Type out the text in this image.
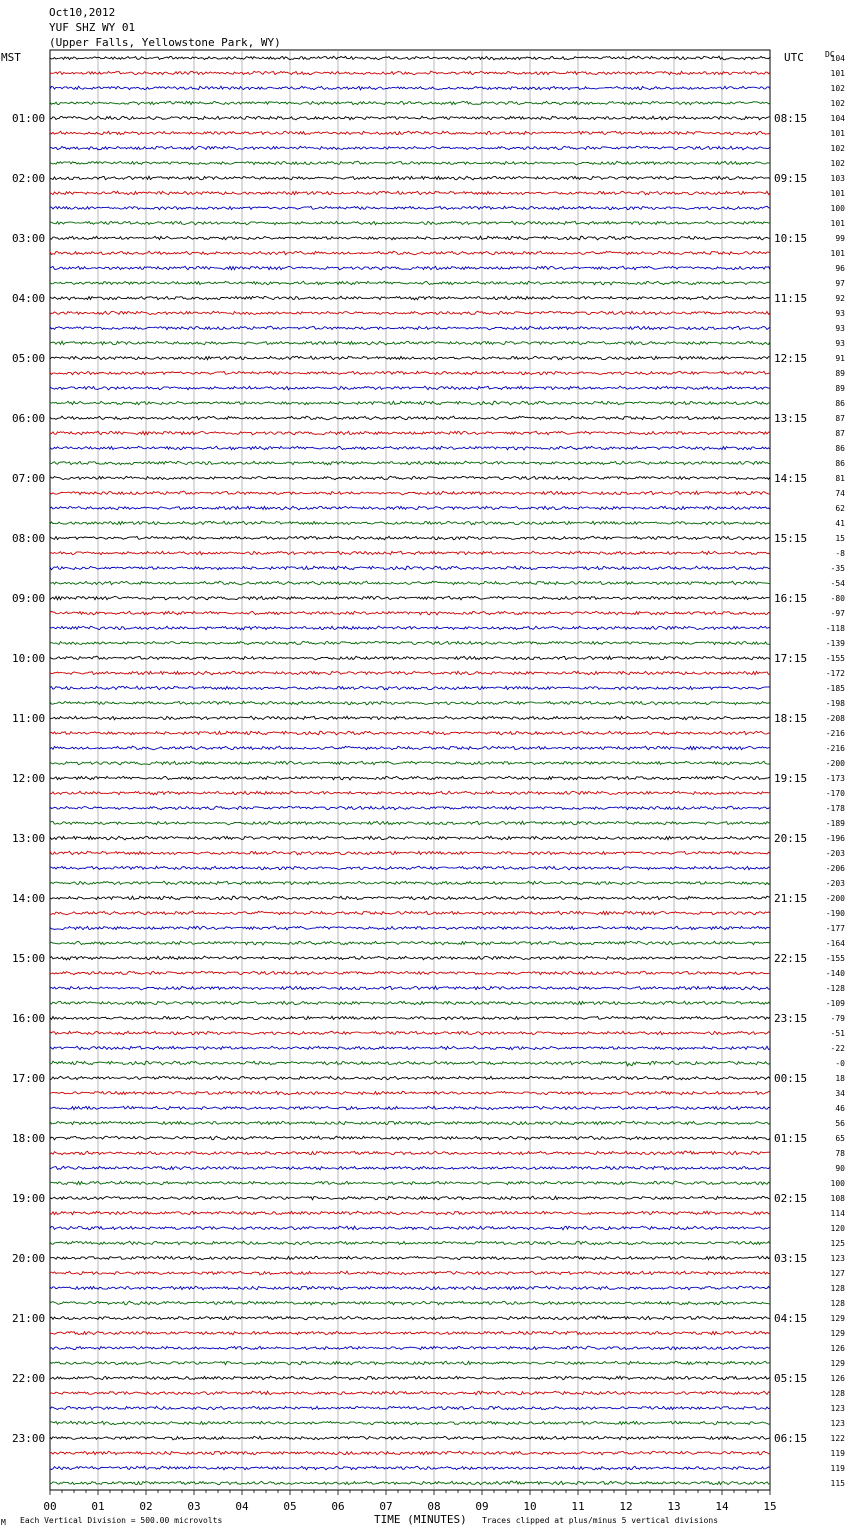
Oct10,2012
YUF SHZ WY 01
(Upper Falls, Yellowstone Park, WY)
MST	UTC	DC
01:00
02:00
03:00
04:00
05:00
06:00
07:00
08:00
09:00
10:00
11:00
12:00
13:00
14:00
15:00
16:00
17:00
18:00
19:00
20:00
21:00
22:00
23:00
08:15
09:15
10:15
11:15
12:15
13:15
14:15
15:15
16:15
17:15
18:15
19:15
20:15
21:15
22:15
23:15
00:15
01:15
02:15
03:15
04:15
05:15
06:15
104
101
102
102
104
101
102
102
103
101
100
101
99
101
96
97
92
93
93
93
91
89
89
86
87
87
86
86
81
74
62
41
15
-8
-35
-54
-80
-97
-118
-139
-155
-172
-185
-198
-208
-216
-216
-200
-173
-170
-178
-189
-196
-203
-206
-203
-200
-190
-177
-164
-155
-140
-128
-109
-79
-51
-22
-0
18
34
46
56
65
78
90
100
108
114
120
125
123
127
128
128
129
129
126
129
126
128
123
123
122
119
119
115
00	01	02	03	04	05	06	07	08	09	10	11	12	13	14	15
M Each Vertical Division = 500.00 microvolts	TIME (MINUTES) Traces clipped at plus/minus 5 vertical divisions
